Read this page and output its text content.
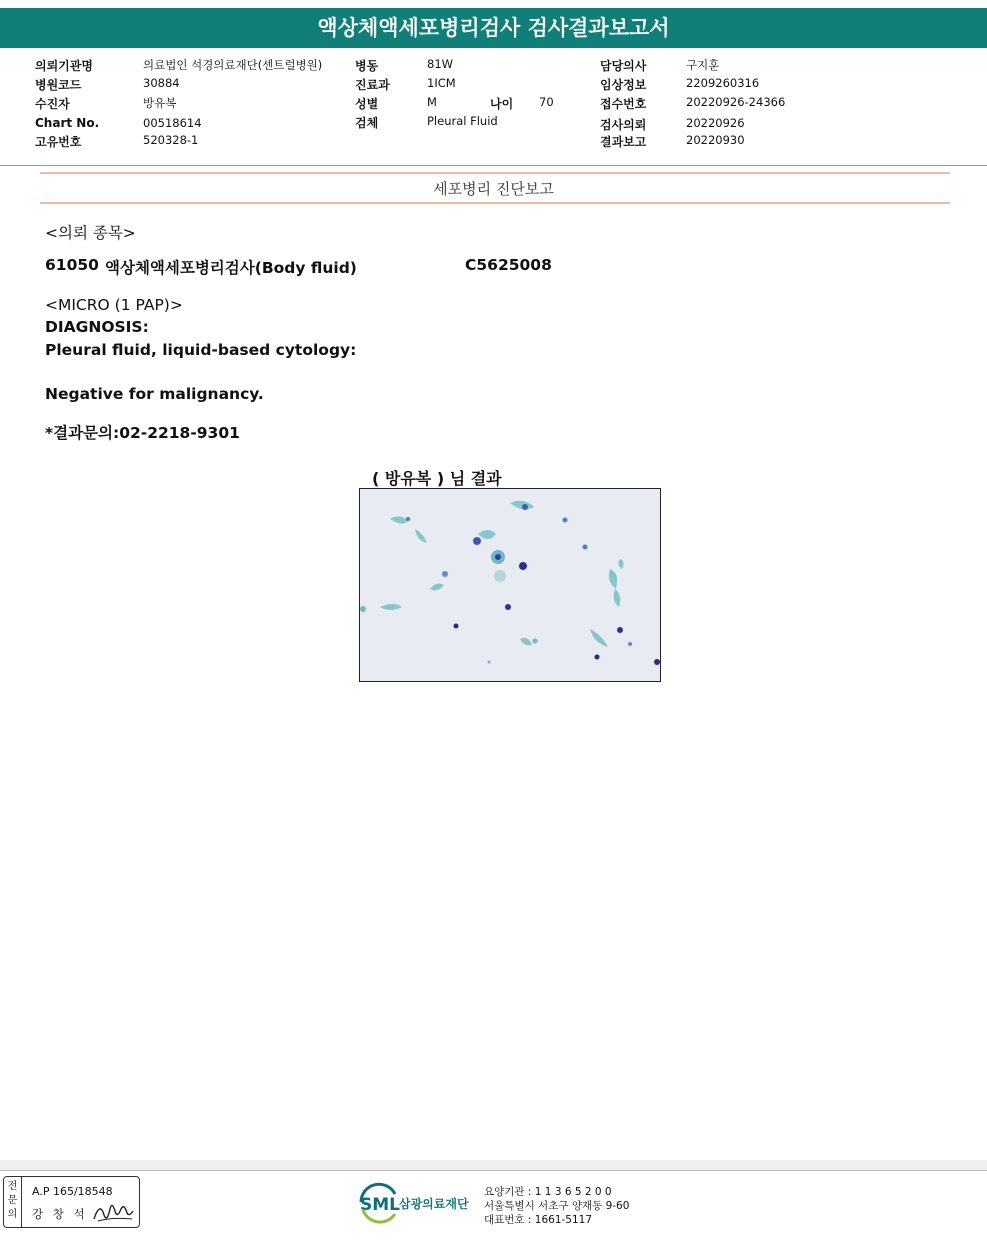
액상체액세포병리검사 검사결과보고서
의뢰기관명	의료법인 석경의료재단(센트럴병원)
병원코드	30884
수진자	방유복
Chart No.	00518614
고유번호	520328-1
병동	81W
진료과	1ICM
성별	M	나이 70
검체	Pleural Fluid
담당의사	구지훈
임상정보	2209260316
접수번호	20220926-24366
검사의뢰	20220926
결과보고	20220930
세포병리 진단보고
<의뢰 종목>
61050 액상체액세포병리검사(Body fluid)	C5625008
<MICRO (1 PAP)>
DIAGNOSIS:
Pleural fluid, liquid-based cytology:
Negative for malignancy.
*결과문의:02-2218-9301
( 방유복 ) 님 결과
전문의
A.P 165/18548
강 창 석	SML 삼광의료재단
요양기관 : 1 1 3 6 5 2 0 0
서울특별시 서초구 양재동 9-60
대표번호 : 1661-5117
